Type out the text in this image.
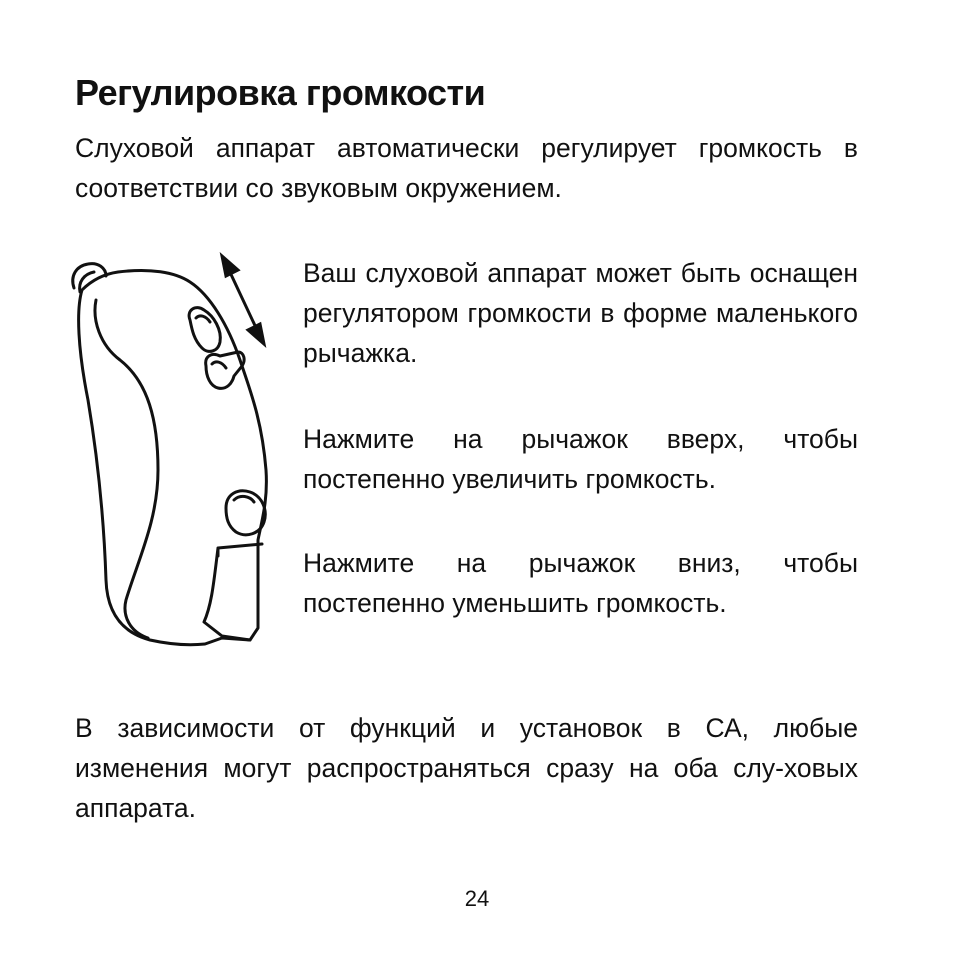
Регулировка громкости

Слуховой аппарат автоматически регулирует громкость в соответствии со звуковым окружением.

Ваш слуховой аппарат может быть оснащен регулятором громкости в форме маленького рычажка.

Нажмите на рычажок вверх, чтобы постепенно увеличить громкость.

Нажмите на рычажок вниз, чтобы постепенно уменьшить громкость.

В зависимости от функций и установок в СА, любые изменения могут распространяться сразу на оба слу-ховых аппарата.

24
